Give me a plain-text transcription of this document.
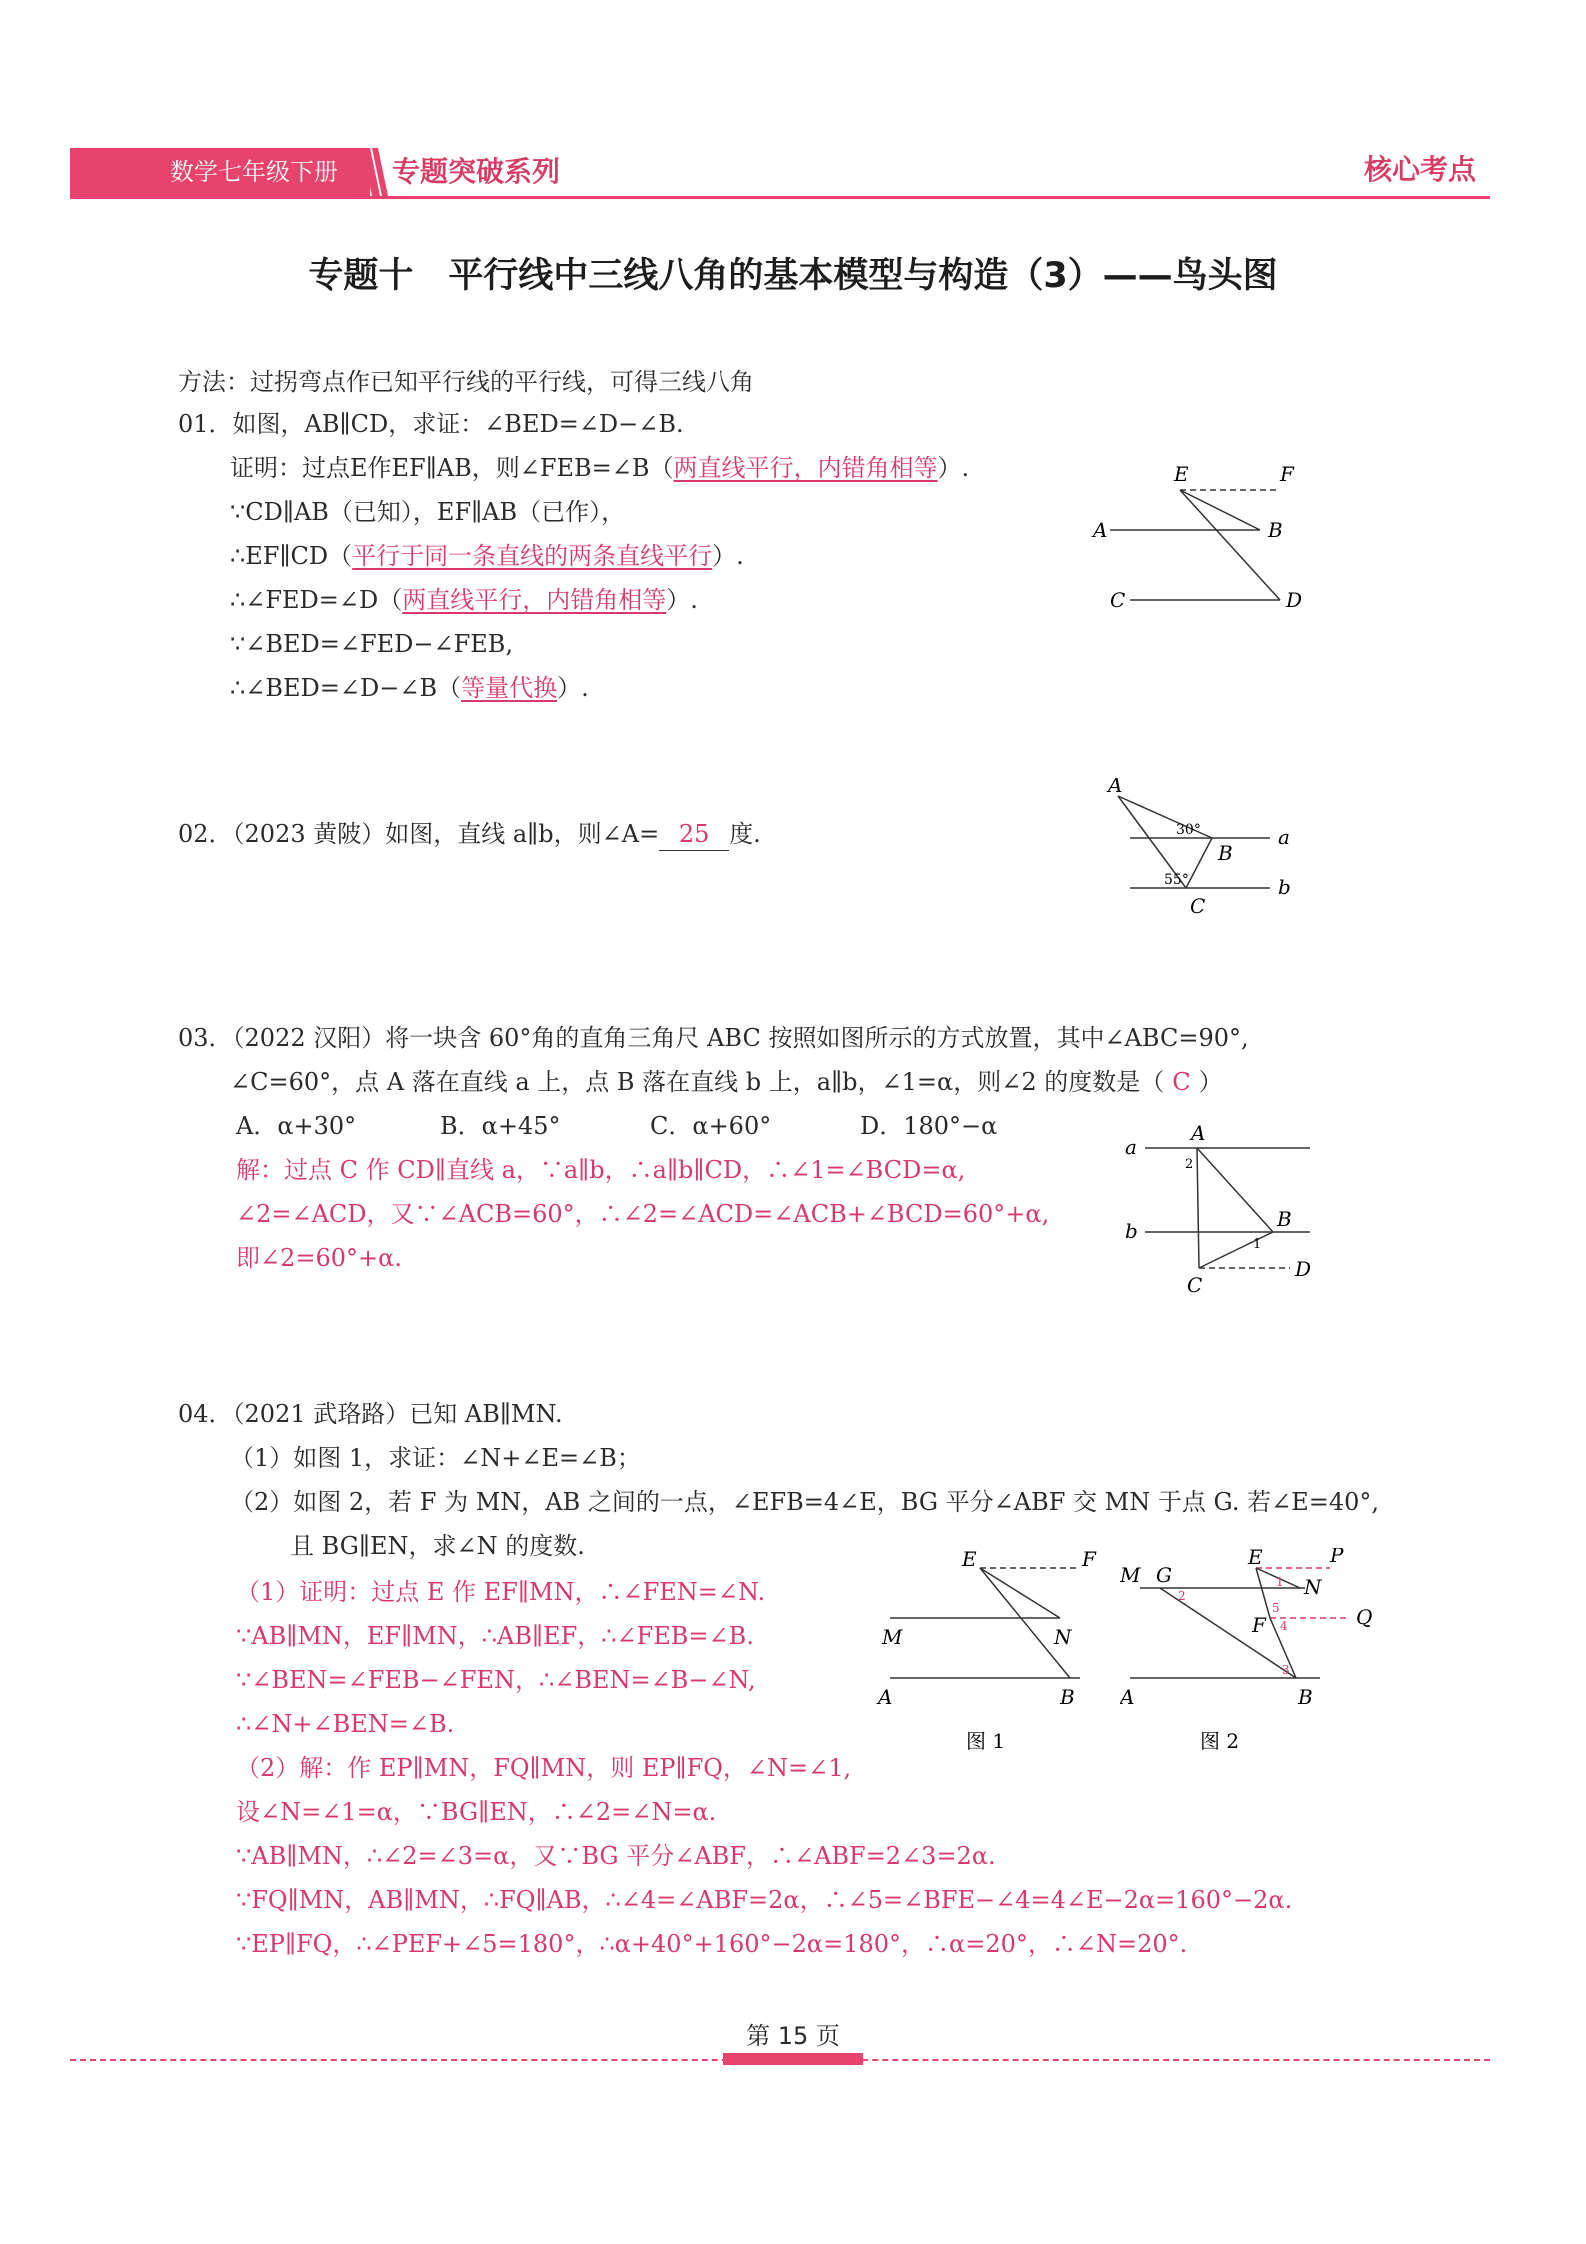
数学七年级下册	专题突破系列	核心考点
专题十　平行线中三线八角的基本模型与构造（3）——鸟头图
方法：过拐弯点作已知平行线的平行线，可得三线八角
01．如图，AB∥CD，求证：∠BED=∠D−∠B.
证明：过点E作EF∥AB，则∠FEB=∠B（两直线平行，内错角相等）.
∵CD∥AB（已知），EF∥AB（已作），
∴EF∥CD（平行于同一条直线的两条直线平行）.
∴∠FED=∠D（两直线平行，内错角相等）.
∵∠BED=∠FED−∠FEB,
∴∠BED=∠D−∠B（等量代换）.
E	F
A	B
C	D
02．（2023 黄陂）如图，直线 a∥b，则∠A= 25 度.
A
B
C
a
b
30°
55°
03．（2022 汉阳）将一块含 60°角的直角三角尺 ABC 按照如图所示的方式放置，其中∠ABC=90°,
∠C=60°，点 A 落在直线 a 上，点 B 落在直线 b 上，a∥b，∠1=α，则∠2 的度数是（ C ）
A．α+30°	B．α+45°	C．α+60°	D．180°−α
解：过点 C 作 CD∥直线 a，∵a∥b，∴a∥b∥CD，∴∠1=∠BCD=α,
∠2=∠ACD，又∵∠ACB=60°，∴∠2=∠ACD=∠ACB+∠BCD=60°+α,
即∠2=60°+α.
a
b
A
B
C
D
2
1
04．（2021 武珞路）已知 AB∥MN.
（1）如图 1，求证：∠N+∠E=∠B；
（2）如图 2，若 F 为 MN，AB 之间的一点，∠EFB=4∠E，BG 平分∠ABF 交 MN 于点 G. 若∠E=40°,
且 BG∥EN，求∠N 的度数.
（1）证明：过点 E 作 EF∥MN，∴∠FEN=∠N.
∵AB∥MN，EF∥MN，∴AB∥EF，∴∠FEB=∠B.
∵∠BEN=∠FEB−∠FEN，∴∠BEN=∠B−∠N,
∴∠N+∠BEN=∠B.
（2）解：作 EP∥MN，FQ∥MN，则 EP∥FQ，∠N=∠1,
设∠N=∠1=α，∵BG∥EN，∴∠2=∠N=α.
∵AB∥MN，∴∠2=∠3=α，又∵BG 平分∠ABF，∴∠ABF=2∠3=2α.
∵FQ∥MN，AB∥MN，∴FQ∥AB，∴∠4=∠ABF=2α，∴∠5=∠BFE−∠4=4∠E−2α=160°−2α.
∵EP∥FQ，∴∠PEF+∠5=180°，∴α+40°+160°−2α=180°，∴α=20°，∴∠N=20°.
E	F
M	N
A	B
图 1
M G
E	P
N
F	Q
A	B
1
2
3
4
5
图 2
第 15 页
